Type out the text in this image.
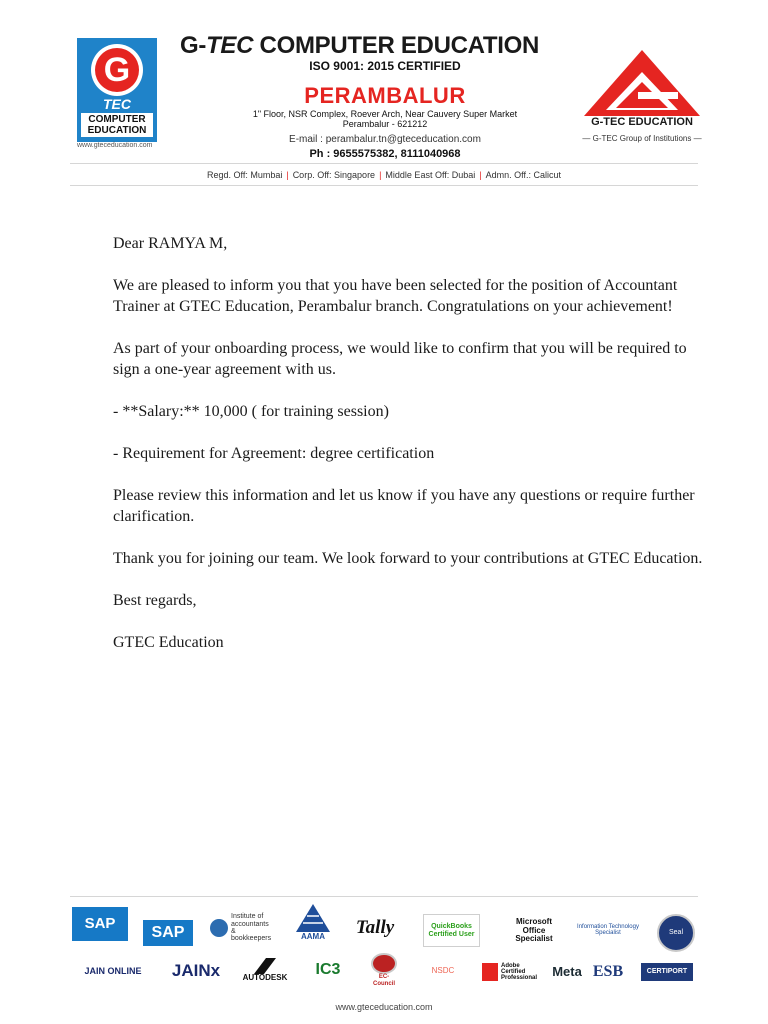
G
TEC
COMPUTER
EDUCATION
www.gteceducation.com
G-TEC COMPUTER EDUCATION
ISO 9001: 2015 CERTIFIED
PERAMBALUR
1" Floor, NSR Complex, Roever Arch, Near Cauvery Super Market
Perambalur - 621212
E-mail : perambalur.tn@gteceducation.com
Ph : 9655575382, 8111040968
G-TEC EDUCATION
— G-TEC Group of Institutions —
Regd. Off: Mumbai | Corp. Off: Singapore | Middle East Off: Dubai | Admn. Off.: Calicut

Dear RAMYA M,

We are pleased to inform you that you have been selected for the position of Accountant Trainer at GTEC Education, Perambalur branch. Congratulations on your achievement!

As part of your onboarding process, we would like to confirm that you will be required to sign a one-year agreement with us.

- **Salary:** 10,000 ( for training session)

- Requirement for Agreement: degree certification

Please review this information and let us know if you have any questions or require further clarification.

Thank you for joining our team. We look forward to your contributions at GTEC Education.

Best regards,

GTEC Education

SAP SAP
Institute of accountants & bookkeepers	AAMA Tally	QuickBooks Certified User
Microsoft Office Specialist
Information Technology Specialist	Seal
JAIN ONLINE JAINx	AUTODESK IC3	EC-Council
NSDC
Adobe Certified Professional	Meta ESB	CERTIPORT
www.gteceducation.com
